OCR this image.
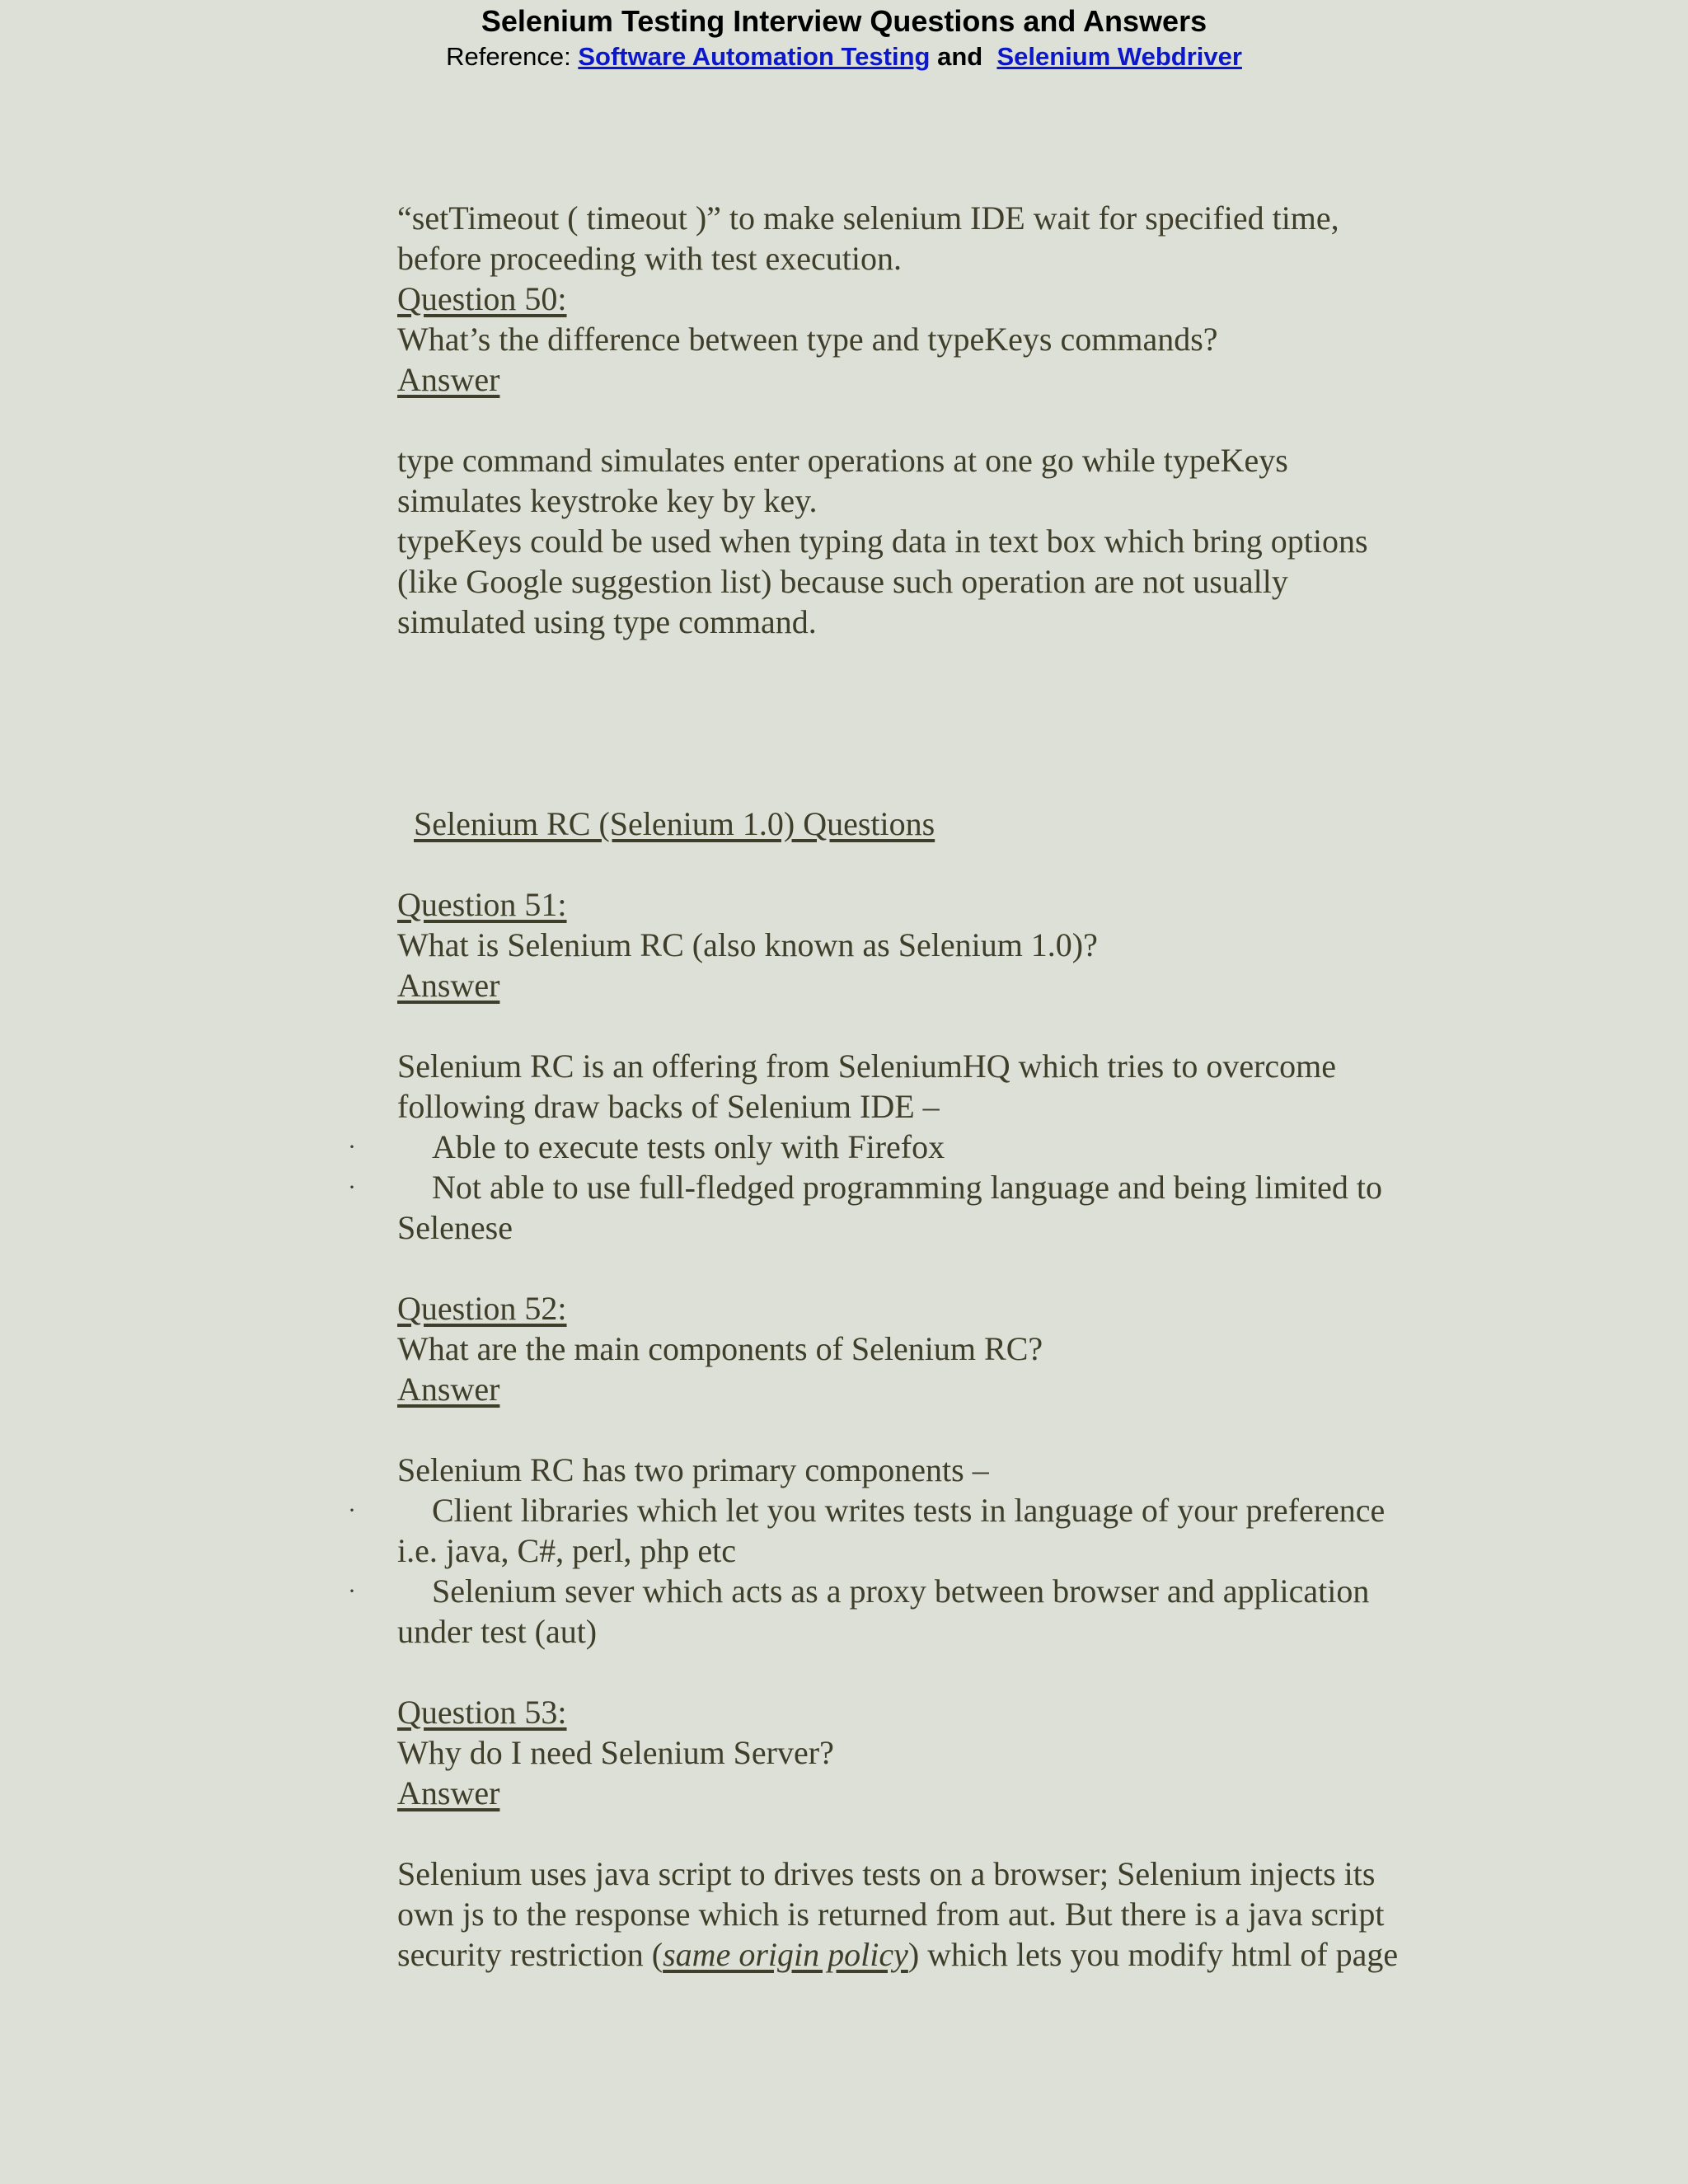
Selenium Testing Interview Questions and Answers
Reference: Software Automation Testing and Selenium Webdriver
“setTimeout ( timeout )” to make selenium IDE wait for specified time,
before proceeding with test execution.
Question 50:
What’s the difference between type and typeKeys commands?
Answer
type command simulates enter operations at one go while typeKeys
simulates keystroke key by key.
typeKeys could be used when typing data in text box which bring options
(like Google suggestion list) because such operation are not usually
simulated using type command.
Selenium RC (Selenium 1.0) Questions
Question 51:
What is Selenium RC (also known as Selenium 1.0)?
Answer
Selenium RC is an offering from SeleniumHQ which tries to overcome
following draw backs of Selenium IDE –
· Able to execute tests only with Firefox
· Not able to use full-fledged programming language and being limited to
Selenese
Question 52:
What are the main components of Selenium RC?
Answer
Selenium RC has two primary components –
· Client libraries which let you writes tests in language of your preference
i.e. java, C#, perl, php etc
· Selenium sever which acts as a proxy between browser and application
under test (aut)
Question 53:
Why do I need Selenium Server?
Answer
Selenium uses java script to drives tests on a browser; Selenium injects its
own js to the response which is returned from aut. But there is a java script
security restriction (same origin policy) which lets you modify html of page
